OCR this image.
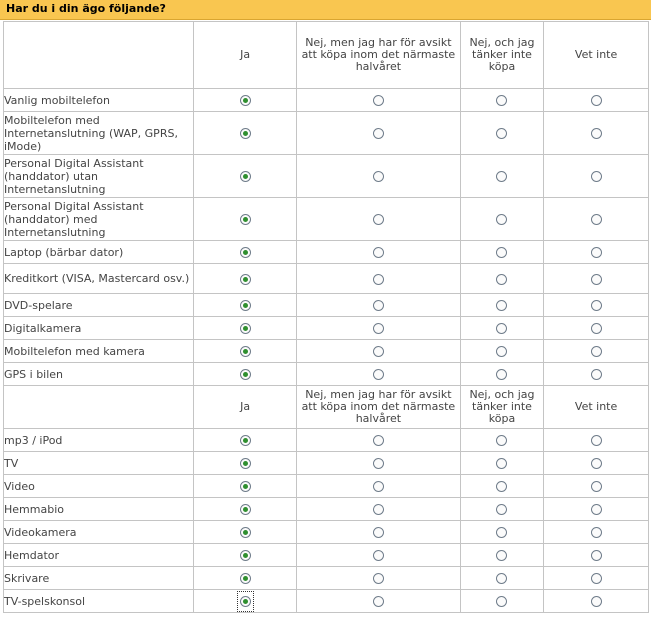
Har du i din ägo följande?
	Ja	Nej, men jag har för avsikt att köpa inom det närmaste halvåret	Nej, och jag tänker inte köpa	Vet inte
Vanlig mobiltelefon				
Mobiltelefon med Internetanslutning (WAP, GPRS, iMode)				
Personal Digital Assistant (handdator) utan Internetanslutning				
Personal Digital Assistant (handdator) med Internetanslutning				
Laptop (bärbar dator)				
Kreditkort (VISA, Mastercard osv.)				
DVD-spelare				
Digitalkamera				
Mobiltelefon med kamera				
GPS i bilen				
	Ja	Nej, men jag har för avsikt att köpa inom det närmaste halvåret	Nej, och jag tänker inte köpa	Vet inte
mp3 / iPod				
TV				
Video				
Hemmabio				
Videokamera				
Hemdator				
Skrivare				
TV-spelskonsol				
